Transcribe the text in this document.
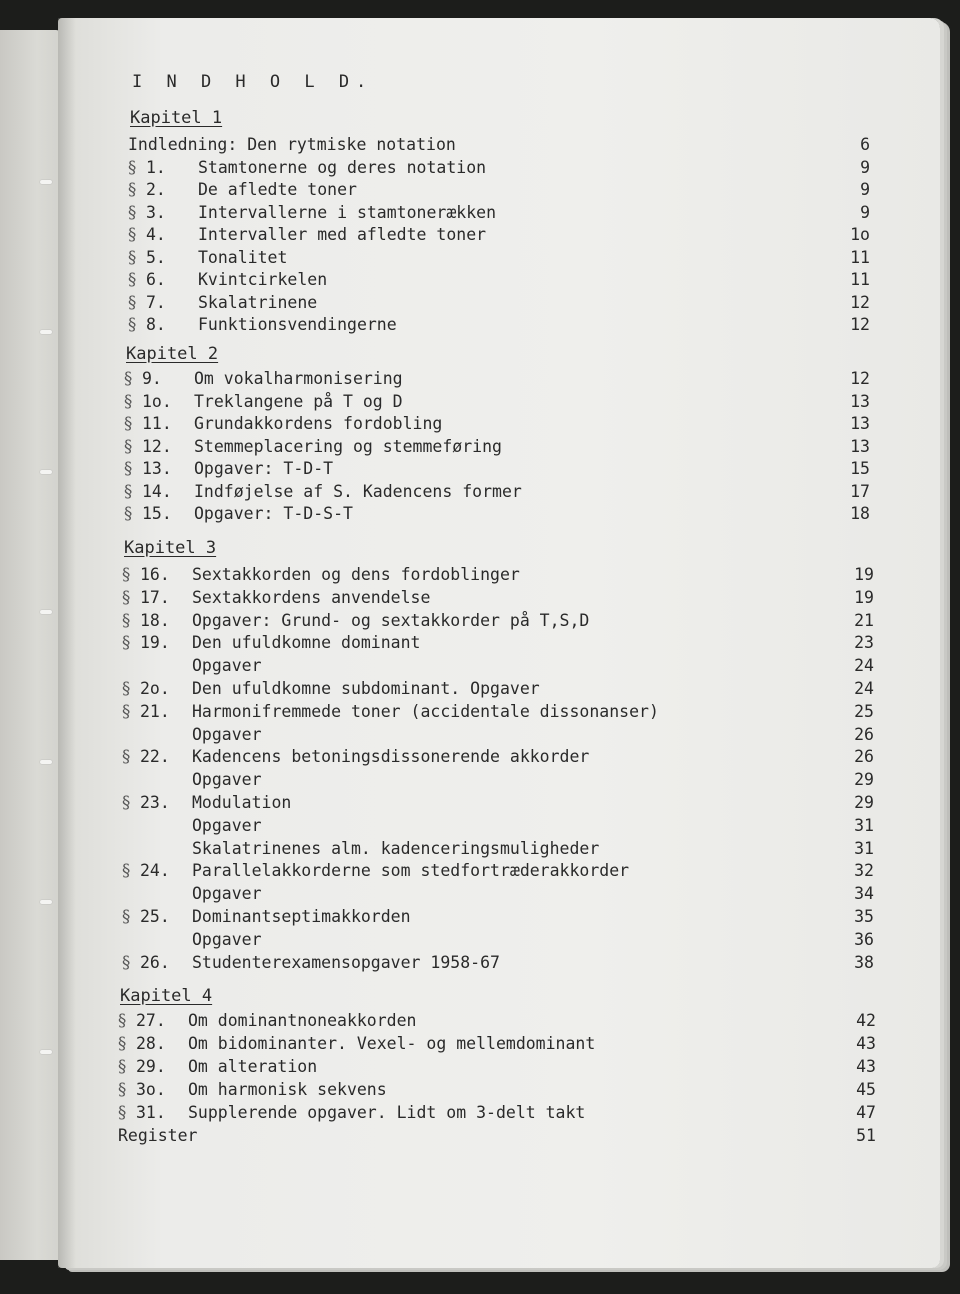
I N D H O L D.
Kapitel 1
Indledning: Den rytmiske notation	6
§ 1. Stamtonerne og deres notation	9
§ 2. De afledte toner	9
§ 3. Intervallerne i stamtonerækken	9
§ 4. Intervaller med afledte toner	1o
§ 5. Tonalitet	11
§ 6. Kvintcirkelen	11
§ 7. Skalatrinene	12
§ 8. Funktionsvendingerne	12
Kapitel 2
§ 9. Om vokalharmonisering	12
§ 1o. Treklangene på T og D	13
§ 11. Grundakkordens fordobling	13
§ 12. Stemmeplacering og stemmeføring	13
§ 13. Opgaver: T-D-T	15
§ 14. Indføjelse af S. Kadencens former	17
§ 15. Opgaver: T-D-S-T	18
Kapitel 3
§ 16. Sextakkorden og dens fordoblinger	19
§ 17. Sextakkordens anvendelse	19
§ 18. Opgaver: Grund- og sextakkorder på T,S,D	21
§ 19. Den ufuldkomne dominant	23
Opgaver	24
§ 2o. Den ufuldkomne subdominant. Opgaver	24
§ 21. Harmonifremmede toner (accidentale dissonanser)	25
Opgaver	26
§ 22. Kadencens betoningsdissonerende akkorder	26
Opgaver	29
§ 23. Modulation	29
Opgaver	31
Skalatrinenes alm. kadenceringsmuligheder	31
§ 24. Parallelakkorderne som stedfortræderakkorder	32
Opgaver	34
§ 25. Dominantseptimakkorden	35
Opgaver	36
§ 26. Studenterexamensopgaver 1958-67	38
Kapitel 4
§ 27. Om dominantnoneakkorden	42
§ 28. Om bidominanter. Vexel- og mellemdominant	43
§ 29. Om alteration	43
§ 3o. Om harmonisk sekvens	45
§ 31. Supplerende opgaver. Lidt om 3-delt takt	47
Register	51
